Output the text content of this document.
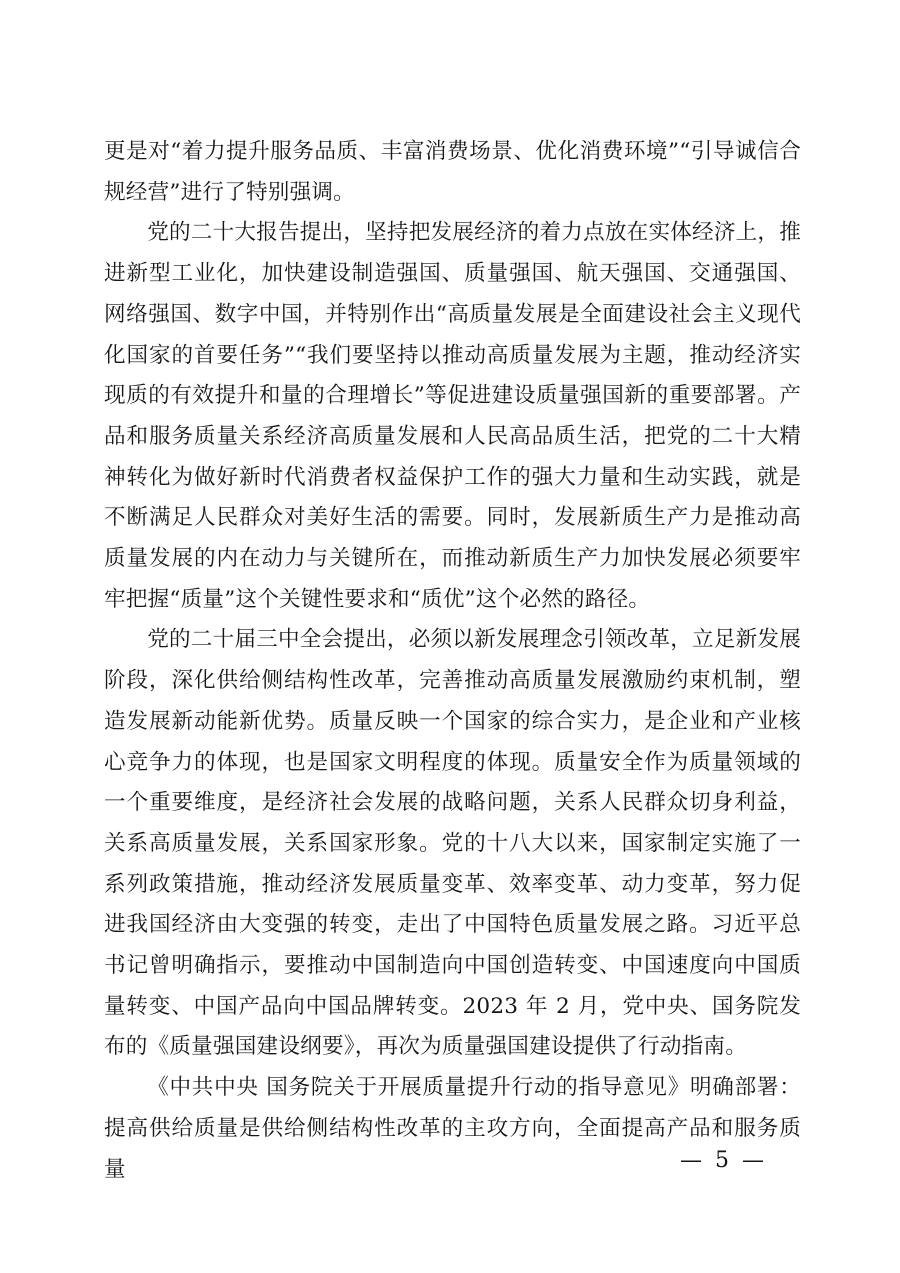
更是对“着力提升服务品质、丰富消费场景、优化消费环境”“引导诚信合规经营”进行了特别强调。

党的二十大报告提出，坚持把发展经济的着力点放在实体经济上，推进新型工业化，加快建设制造强国、质量强国、航天强国、交通强国、网络强国、数字中国，并特别作出“高质量发展是全面建设社会主义现代化国家的首要任务”“我们要坚持以推动高质量发展为主题，推动经济实现质的有效提升和量的合理增长”等促进建设质量强国新的重要部署。产品和服务质量关系经济高质量发展和人民高品质生活，把党的二十大精神转化为做好新时代消费者权益保护工作的强大力量和生动实践，就是不断满足人民群众对美好生活的需要。同时，发展新质生产力是推动高质量发展的内在动力与关键所在，而推动新质生产力加快发展必须要牢牢把握“质量”这个关键性要求和“质优”这个必然的路径。

党的二十届三中全会提出，必须以新发展理念引领改革，立足新发展阶段，深化供给侧结构性改革，完善推动高质量发展激励约束机制，塑造发展新动能新优势。质量反映一个国家的综合实力，是企业和产业核心竞争力的体现，也是国家文明程度的体现。质量安全作为质量领域的一个重要维度，是经济社会发展的战略问题，关系人民群众切身利益，关系高质量发展，关系国家形象。党的十八大以来，国家制定实施了一系列政策措施，推动经济发展质量变革、效率变革、动力变革，努力促进我国经济由大变强的转变，走出了中国特色质量发展之路。习近平总书记曾明确指示，要推动中国制造向中国创造转变、中国速度向中国质量转变、中国产品向中国品牌转变。2023 年 2 月，党中央、国务院发布的《质量强国建设纲要》，再次为质量强国建设提供了行动指南。

《中共中央 国务院关于开展质量提升行动的指导意见》明确部署：提高供给质量是供给侧结构性改革的主攻方向，全面提高产品和服务质量	— 5 —
